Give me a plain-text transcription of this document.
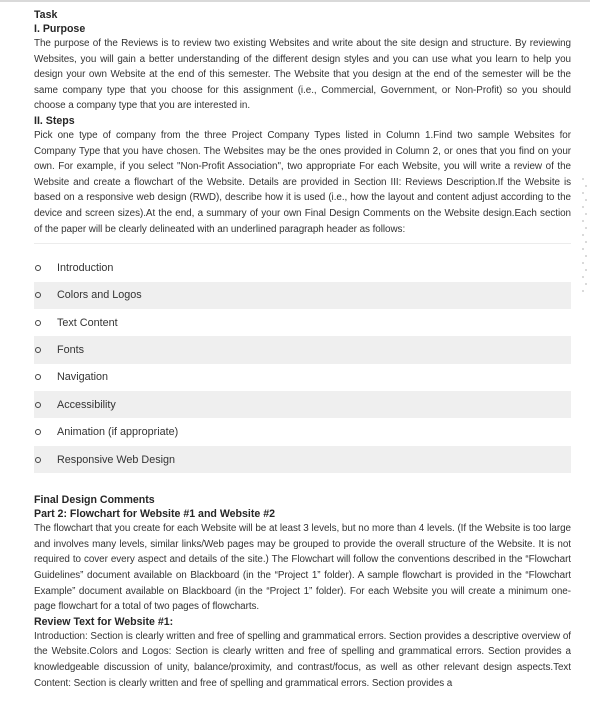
Task

I. Purpose

The purpose of the Reviews is to review two existing Websites and write about the site design and structure. By reviewing Websites, you will gain a better understanding of the different design styles and you can use what you learn to help you design your own Website at the end of this semester. The Website that you design at the end of the semester will be the same company type that you choose for this assignment (i.e., Commercial, Government, or Non-Profit) so you should choose a company type that you are interested in.

II. Steps

Pick one type of company from the three Project Company Types listed in Column 1.Find two sample Websites for Company Type that you have chosen. The Websites may be the ones provided in Column 2, or ones that you find on your own. For example, if you select "Non-Profit Association", two appropriate For each Website, you will write a review of the Website and create a flowchart of the Website. Details are provided in Section III: Reviews Description.If the Website is based on a responsive web design (RWD), describe how it is used (i.e., how the layout and content adjust according to the device and screen sizes).At the end, a summary of your own Final Design Comments on the Website design.Each section of the paper will be clearly delineated with an underlined paragraph header as follows:

Introduction
Colors and Logos
Text Content
Fonts
Navigation
Accessibility
Animation (if appropriate)
Responsive Web Design

Final Design Comments

Part 2: Flowchart for Website #1 and Website #2

The flowchart that you create for each Website will be at least 3 levels, but no more than 4 levels. (If the Website is too large and involves many levels, similar links/Web pages may be grouped to provide the overall structure of the Website. It is not required to cover every aspect and details of the site.) The Flowchart will follow the conventions described in the “Flowchart Guidelines” document available on Blackboard (in the “Project 1” folder). A sample flowchart is provided in the “Flowchart Example” document available on Blackboard (in the “Project 1” folder). For each Website you will create a minimum one-page flowchart for a total of two pages of flowcharts.

Review Text for Website #1:

Introduction: Section is clearly written and free of spelling and grammatical errors. Section provides a descriptive overview of the Website.Colors and Logos: Section is clearly written and free of spelling and grammatical errors. Section provides a knowledgeable discussion of unity, balance/proximity, and contrast/focus, as well as other relevant design aspects.Text Content: Section is clearly written and free of spelling and grammatical errors. Section provides a
